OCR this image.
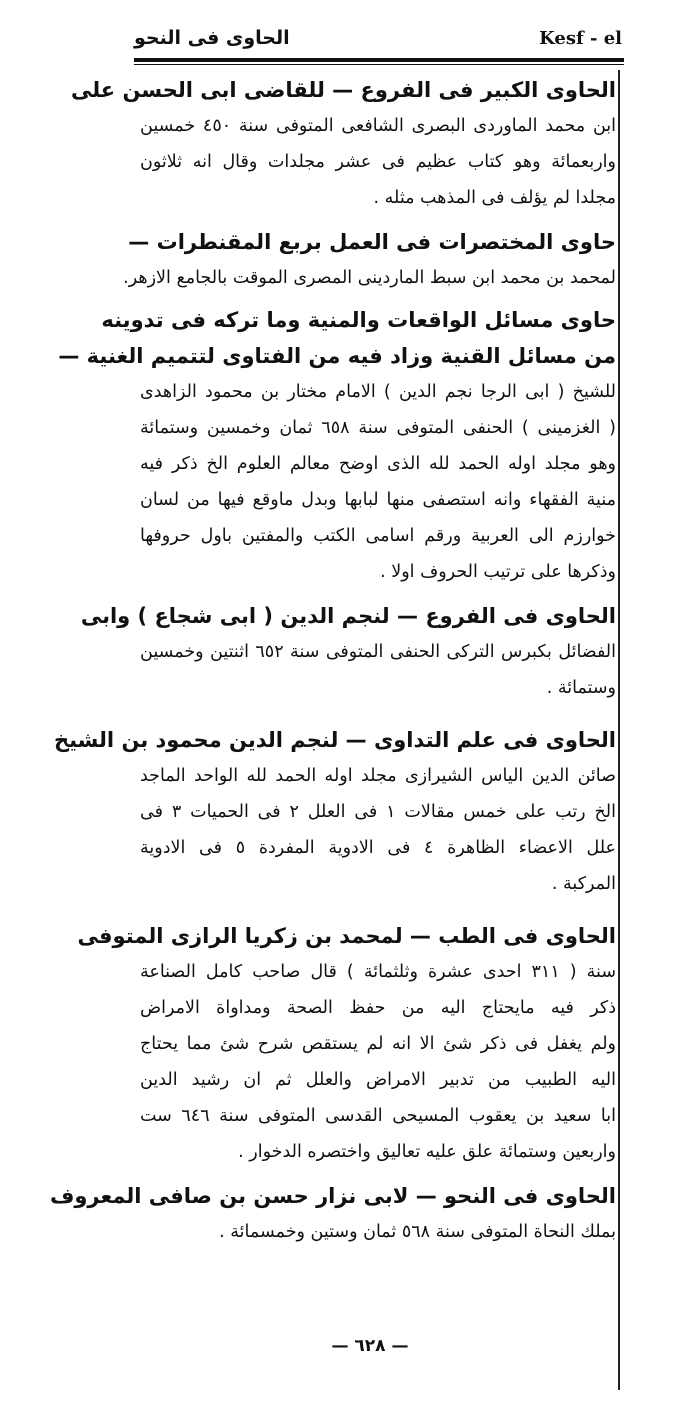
الحاوى فى النحو	Kesf - el
الحاوى الكبير فى الفروع — للقاضى ابى الحسن على
ابن محمد الماوردى البصرى الشافعى المتوفى سنة ٤٥٠ خمسين
واربعمائة وهو كتاب عظيم فى عشر مجلدات وقال انه ثلاثون
مجلدا لم يؤلف فى المذهب مثله .
حاوى المختصرات فى العمل بربع المقنطرات —
لمحمد بن محمد ابن سبط الماردينى المصرى الموقت بالجامع الازهر.
حاوى مسائل الواقعات والمنية وما تركه فى تدوينه
من مسائل القنية وزاد فيه من الفتاوى لتتميم الغنية —
للشيخ ( ابى الرجا نجم الدين ) الامام مختار بن محمود الزاهدى
( الغزمينى ) الحنفى المتوفى سنة ٦٥٨ ثمان وخمسين وستمائة
وهو مجلد اوله الحمد لله الذى اوضح معالم العلوم الخ ذكر فيه
منية الفقهاء وانه استصفى منها لبابها وبدل ماوقع فيها من لسان
خوارزم الى العربية ورقم اسامى الكتب والمفتين باول حروفها
وذكرها على ترتيب الحروف اولا .
الحاوى فى الفروع — لنجم الدين ( ابى شجاع ) وابى
الفضائل بكبرس التركى الحنفى المتوفى سنة ٦٥٢ اثنتين وخمسين
وستمائة .
الحاوى فى علم التداوى — لنجم الدين محمود بن الشيخ
صائن الدين الياس الشيرازى مجلد اوله الحمد لله الواحد الماجد
الخ رتب على خمس مقالات ١ فى العلل ٢ فى الحميات ٣ فى
علل الاعضاء الظاهرة ٤ فى الادوية المفردة ٥ فى الادوية
المركبة .
الحاوى فى الطب — لمحمد بن زكريا الرازى المتوفى
سنة ( ٣١١ احدى عشرة وثلثمائة ) قال صاحب كامل الصناعة
ذكر فيه مايحتاج اليه من حفظ الصحة ومداواة الامراض
ولم يغفل فى ذكر شئ الا انه لم يستقص شرح شئ مما يحتاج
اليه الطبيب من تدبير الامراض والعلل ثم ان رشيد الدين
ابا سعيد بن يعقوب المسيحى القدسى المتوفى سنة ٦٤٦ ست
واربعين وستمائة علق عليه تعاليق واختصره الدخوار .
الحاوى فى النحو — لابى نزار حسن بن صافى المعروف
بملك النحاة المتوفى سنة ٥٦٨ ثمان وستين وخمسمائة .
— ٦٢٨ —
